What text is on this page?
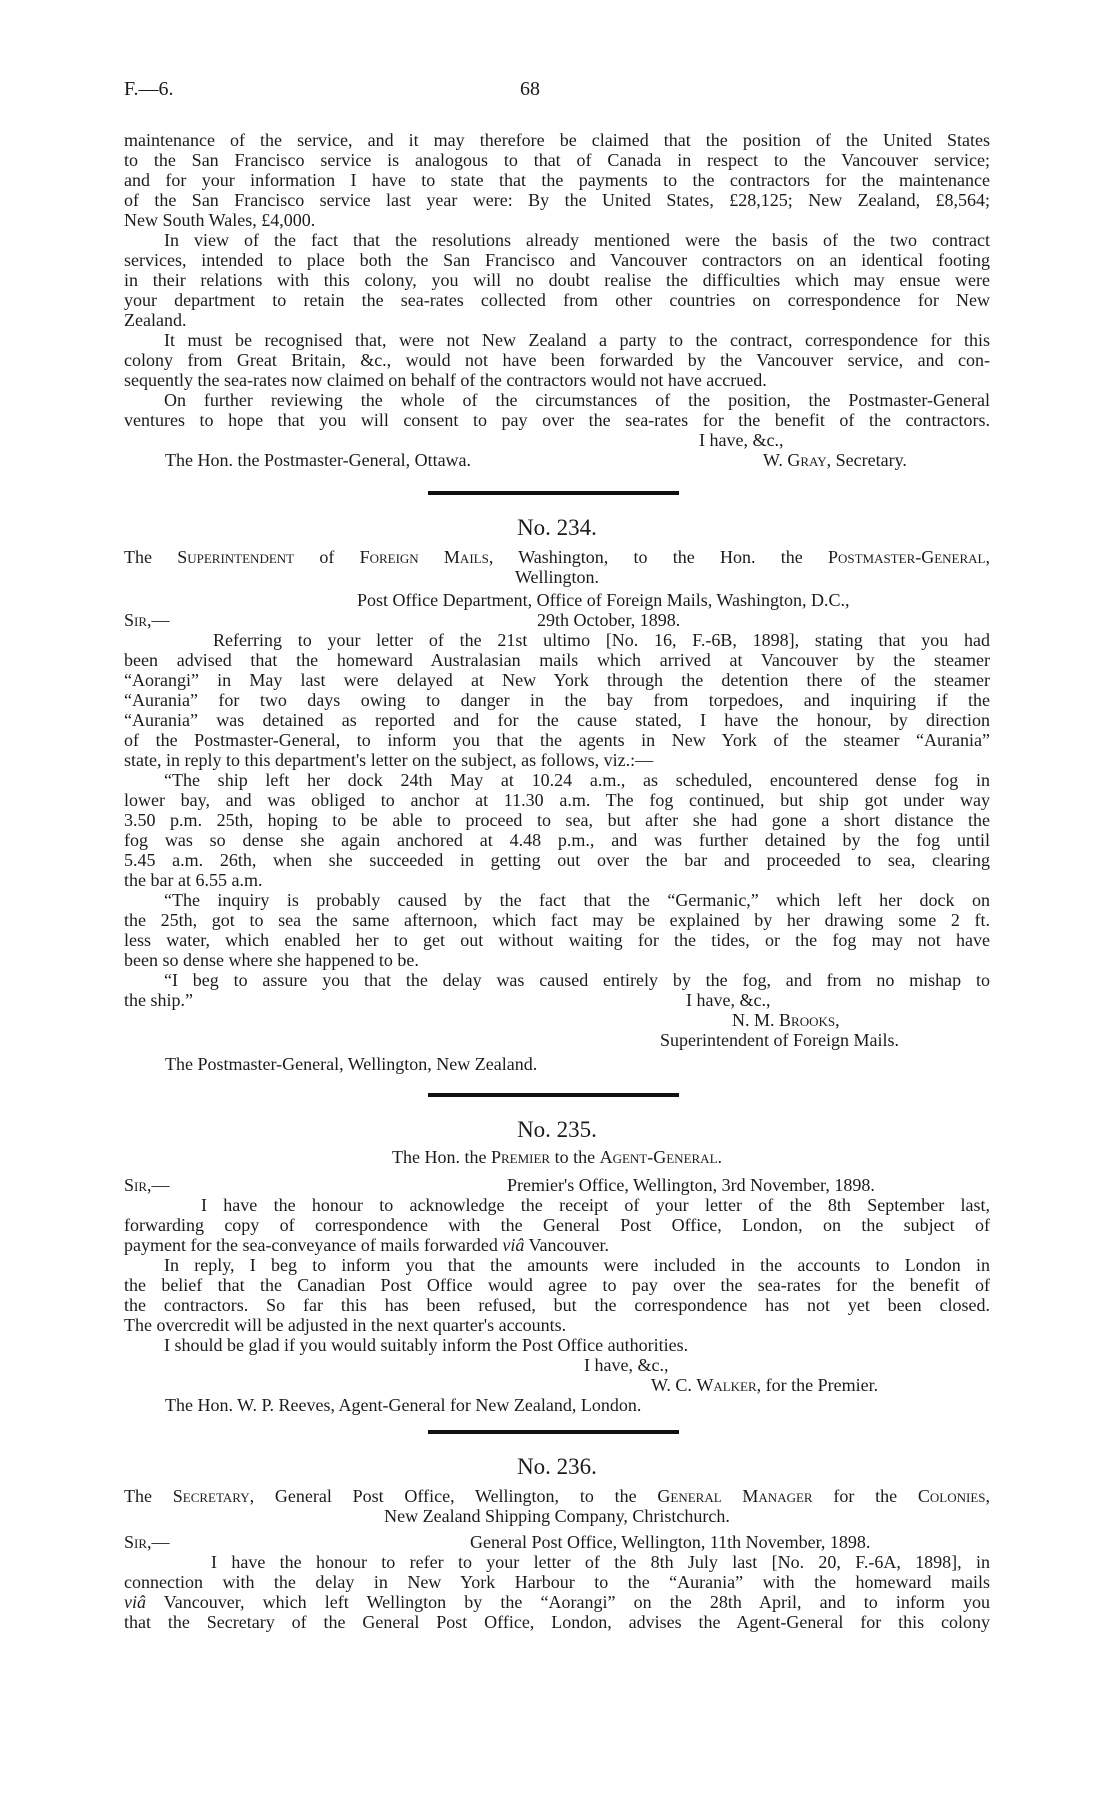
F.—6.	68
maintenance of the service, and it may therefore be claimed that the position of the United States
to the San Francisco service is analogous to that of Canada in respect to the Vancouver service;
and for your information I have to state that the payments to the contractors for the maintenance
of the San Francisco service last year were: By the United States, £28,125; New Zealand, £8,564;
New South Wales, £4,000.
In view of the fact that the resolutions already mentioned were the basis of the two contract
services, intended to place both the San Francisco and Vancouver contractors on an identical footing
in their relations with this colony, you will no doubt realise the difficulties which may ensue were
your department to retain the sea-rates collected from other countries on correspondence for New
Zealand.
It must be recognised that, were not New Zealand a party to the contract, correspondence for this
colony from Great Britain, &c., would not have been forwarded by the Vancouver service, and con-
sequently the sea-rates now claimed on behalf of the contractors would not have accrued.
On further reviewing the whole of the circumstances of the position, the Postmaster-General
ventures to hope that you will consent to pay over the sea-rates for the benefit of the contractors.
I have, &c.,
The Hon. the Postmaster-General, Ottawa.	W. Gray, Secretary.
No. 234.
The Superintendent of Foreign Mails, Washington, to the Hon. the Postmaster-General,
Wellington.
Post Office Department, Office of Foreign Mails, Washington, D.C.,
Sir,—	29th October, 1898.
Referring to your letter of the 21st ultimo [No. 16, F.-6B, 1898], stating that you had
been advised that the homeward Australasian mails which arrived at Vancouver by the steamer
“Aorangi” in May last were delayed at New York through the detention there of the steamer
“Aurania” for two days owing to danger in the bay from torpedoes, and inquiring if the
“Aurania” was detained as reported and for the cause stated, I have the honour, by direction
of the Postmaster-General, to inform you that the agents in New York of the steamer “Aurania”
state, in reply to this department's letter on the subject, as follows, viz.:—
“The ship left her dock 24th May at 10.24 a.m., as scheduled, encountered dense fog in
lower bay, and was obliged to anchor at 11.30 a.m. The fog continued, but ship got under way
3.50 p.m. 25th, hoping to be able to proceed to sea, but after she had gone a short distance the
fog was so dense she again anchored at 4.48 p.m., and was further detained by the fog until
5.45 a.m. 26th, when she succeeded in getting out over the bar and proceeded to sea, clearing
the bar at 6.55 a.m.
“The inquiry is probably caused by the fact that the “Germanic,” which left her dock on
the 25th, got to sea the same afternoon, which fact may be explained by her drawing some 2 ft.
less water, which enabled her to get out without waiting for the tides, or the fog may not have
been so dense where she happened to be.
“I beg to assure you that the delay was caused entirely by the fog, and from no mishap to
the ship.”	I have, &c.,
N. M. Brooks,
Superintendent of Foreign Mails.
The Postmaster-General, Wellington, New Zealand.
No. 235.
The Hon. the Premier to the Agent-General.
Sir,—	Premier's Office, Wellington, 3rd November, 1898.
I have the honour to acknowledge the receipt of your letter of the 8th September last,
forwarding copy of correspondence with the General Post Office, London, on the subject of
payment for the sea-conveyance of mails forwarded viâ Vancouver.
In reply, I beg to inform you that the amounts were included in the accounts to London in
the belief that the Canadian Post Office would agree to pay over the sea-rates for the benefit of
the contractors. So far this has been refused, but the correspondence has not yet been closed.
The overcredit will be adjusted in the next quarter's accounts.
I should be glad if you would suitably inform the Post Office authorities.
I have, &c.,
W. C. Walker, for the Premier.
The Hon. W. P. Reeves, Agent-General for New Zealand, London.
No. 236.
The Secretary, General Post Office, Wellington, to the General Manager for the Colonies,
New Zealand Shipping Company, Christchurch.
Sir,—	General Post Office, Wellington, 11th November, 1898.
I have the honour to refer to your letter of the 8th July last [No. 20, F.-6A, 1898], in
connection with the delay in New York Harbour to the “Aurania” with the homeward mails
viâ Vancouver, which left Wellington by the “Aorangi” on the 28th April, and to inform you
that the Secretary of the General Post Office, London, advises the Agent-General for this colony
